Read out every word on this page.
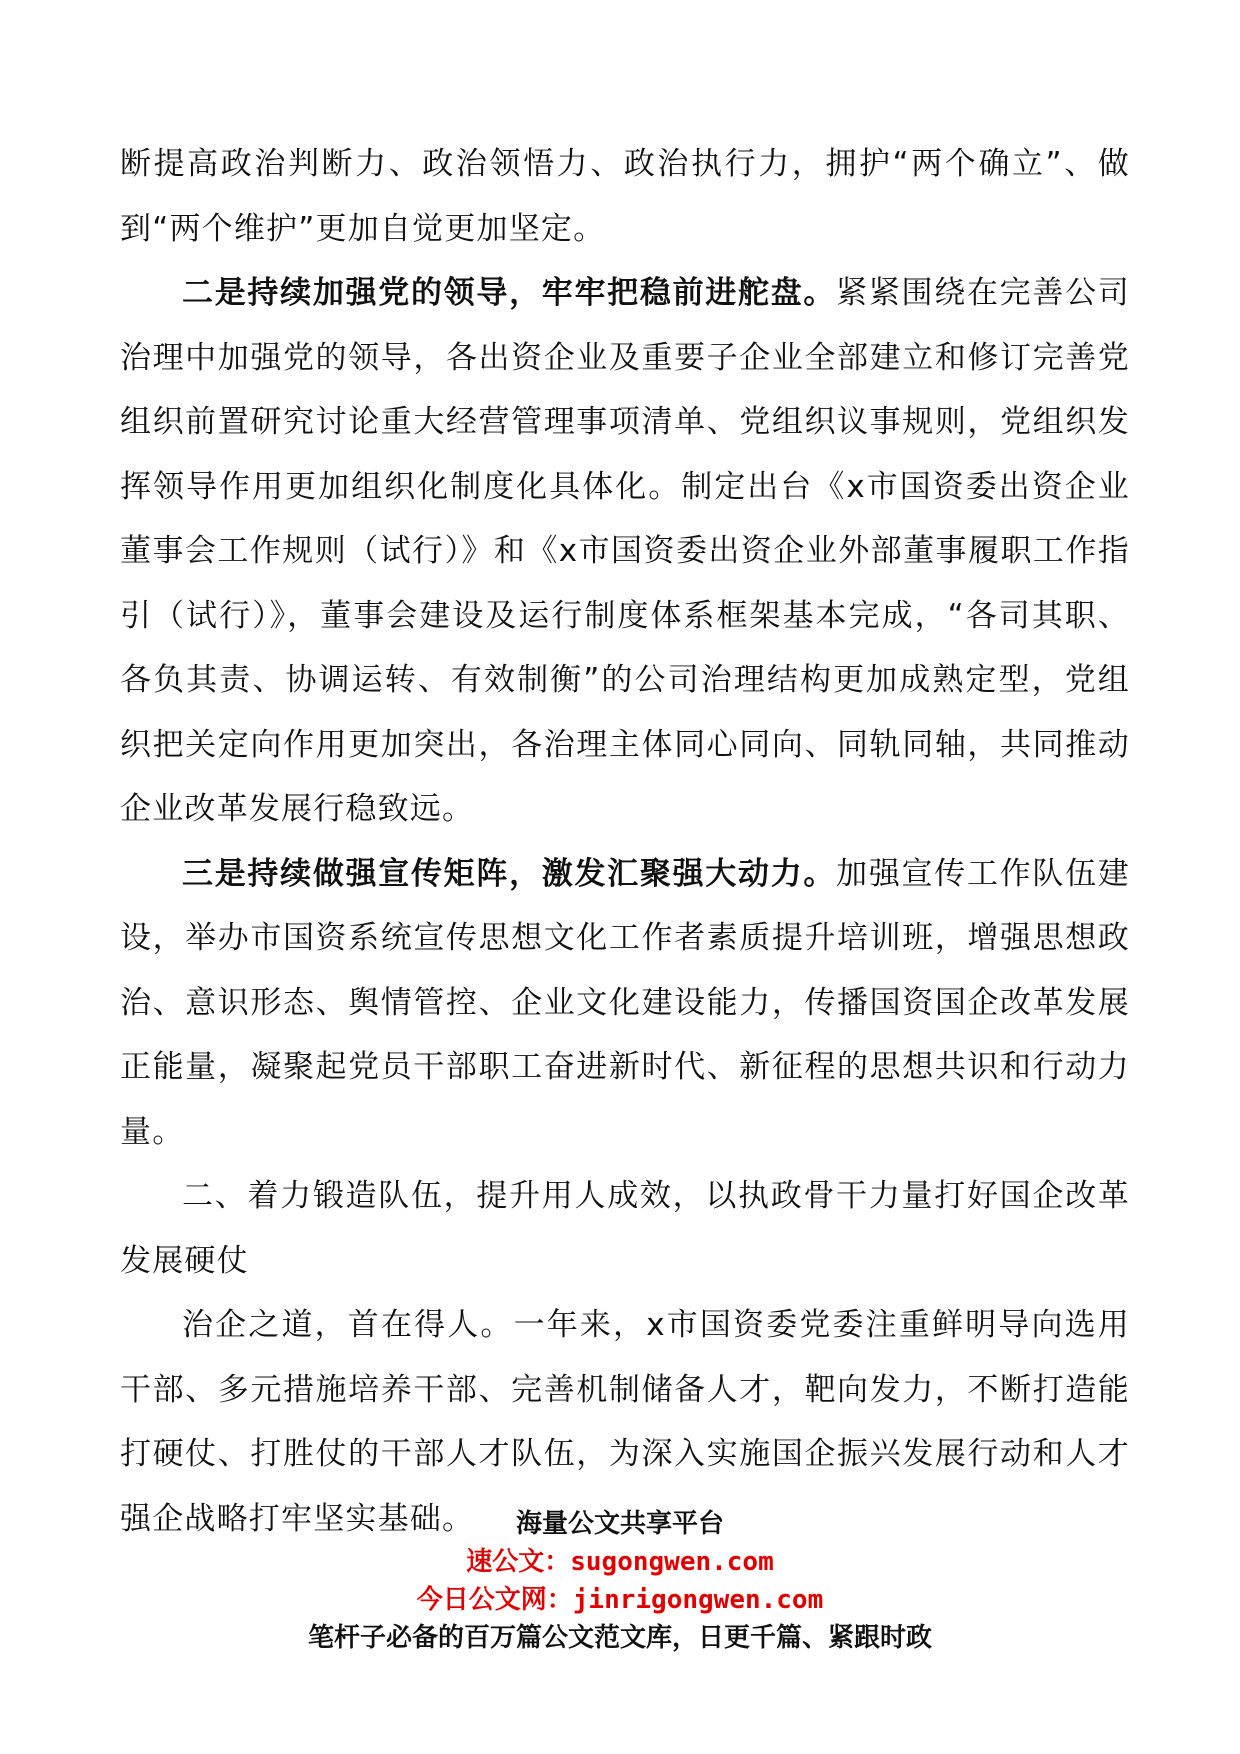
断提高政治判断力、政治领悟力、政治执行力，拥护“两个确立”、做到“两个维护”更加自觉更加坚定。

二是持续加强党的领导，牢牢把稳前进舵盘。紧紧围绕在完善公司治理中加强党的领导，各出资企业及重要子企业全部建立和修订完善党组织前置研究讨论重大经营管理事项清单、党组织议事规则，党组织发挥领导作用更加组织化制度化具体化。制定出台《x市国资委出资企业董事会工作规则（试行）》和《x市国资委出资企业外部董事履职工作指引（试行）》，董事会建设及运行制度体系框架基本完成，“各司其职、各负其责、协调运转、有效制衡”的公司治理结构更加成熟定型，党组织把关定向作用更加突出，各治理主体同心同向、同轨同轴，共同推动企业改革发展行稳致远。

三是持续做强宣传矩阵，激发汇聚强大动力。加强宣传工作队伍建设，举办市国资系统宣传思想文化工作者素质提升培训班，增强思想政治、意识形态、舆情管控、企业文化建设能力，传播国资国企改革发展正能量，凝聚起党员干部职工奋进新时代、新征程的思想共识和行动力量。

二、着力锻造队伍，提升用人成效，以执政骨干力量打好国企改革发展硬仗

治企之道，首在得人。一年来，x市国资委党委注重鲜明导向选用干部、多元措施培养干部、完善机制储备人才，靶向发力，不断打造能打硬仗、打胜仗的干部人才队伍，为深入实施国企振兴发展行动和人才强企战略打牢坚实基础。	海量公文共享平台
速公文：sugongwen.com
今日公文网：jinrigongwen.com
笔杆子必备的百万篇公文范文库，日更千篇、紧跟时政
